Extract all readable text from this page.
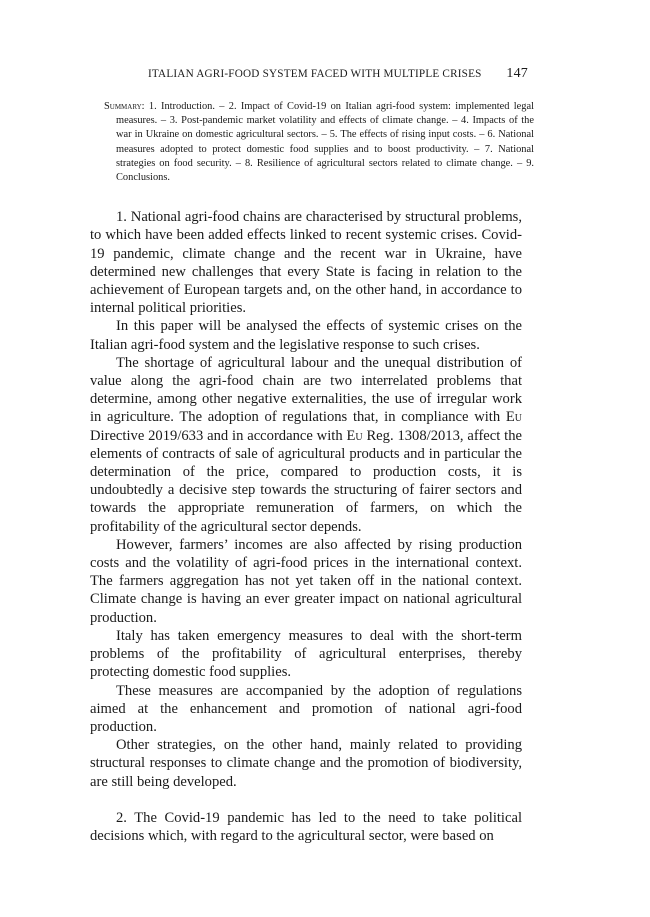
ITALIAN AGRI-FOOD SYSTEM FACED WITH MULTIPLE CRISES 147
Summary: 1. Introduction. – 2. Impact of Covid-19 on Italian agri-food system: implemented legal measures. – 3. Post-pandemic market volatility and effects of climate change. – 4. Impacts of the war in Ukraine on domestic agricultural sectors. – 5. The effects of rising input costs. – 6. National measures adopted to protect domestic food supplies and to boost productivity. – 7. National strategies on food security. – 8. Resilience of agricultural sectors related to climate change. – 9. Conclusions.

1. National agri-food chains are characterised by structural problems, to which have been added effects linked to recent systemic crises. Covid-19 pandemic, climate change and the recent war in Ukraine, have determined new challenges that every State is facing in relation to the achievement of European targets and, on the other hand, in accordance to internal political priorities.

In this paper will be analysed the effects of systemic crises on the Italian agri-food system and the legislative response to such crises.

The shortage of agricultural labour and the unequal distribution of value along the agri-food chain are two interrelated problems that determine, among other negative externalities, the use of irregular work in agriculture. The adoption of regulations that, in compliance with Eu Directive 2019/633 and in accordance with Eu Reg. 1308/2013, affect the elements of contracts of sale of agricultural products and in particular the determination of the price, compared to production costs, it is undoubtedly a decisive step towards the structuring of fairer sectors and towards the appropriate remuneration of farmers, on which the profitability of the agricultural sector depends.

However, farmers’ incomes are also affected by rising production costs and the volatility of agri-food prices in the international context. The farmers aggregation has not yet taken off in the national context. Climate change is having an ever greater impact on national agricultural production.

Italy has taken emergency measures to deal with the short-term problems of the profitability of agricultural enterprises, thereby protecting domestic food supplies.

These measures are accompanied by the adoption of regulations aimed at the enhancement and promotion of national agri-food production.

Other strategies, on the other hand, mainly related to providing structural responses to climate change and the promotion of biodiversity, are still being developed.

2. The Covid-19 pandemic has led to the need to take political decisions which, with regard to the agricultural sector, were based on
